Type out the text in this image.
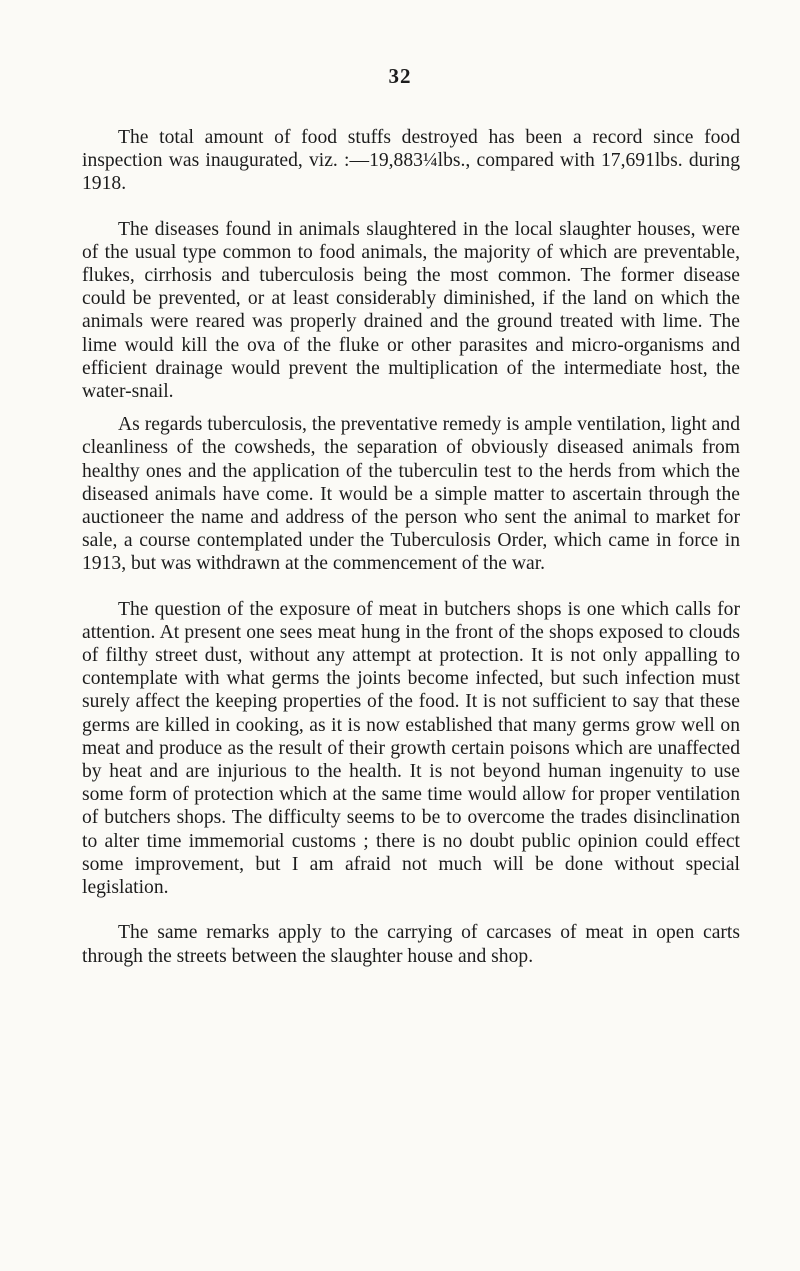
32

The total amount of food stuffs destroyed has been a record since food inspection was inaugurated, viz. :—19,883¼lbs., compared with 17,691lbs. during 1918.

The diseases found in animals slaughtered in the local slaughter houses, were of the usual type common to food animals, the majority of which are preventable, flukes, cirrhosis and tuberculosis being the most common. The former disease could be prevented, or at least considerably diminished, if the land on which the animals were reared was properly drained and the ground treated with lime. The lime would kill the ova of the fluke or other parasites and micro-organisms and efficient drainage would prevent the multiplication of the intermediate host, the water-snail.

As regards tuberculosis, the preventative remedy is ample ventilation, light and cleanliness of the cowsheds, the separation of obviously diseased animals from healthy ones and the application of the tuberculin test to the herds from which the diseased animals have come. It would be a simple matter to ascertain through the auctioneer the name and address of the person who sent the animal to market for sale, a course contemplated under the Tuberculosis Order, which came in force in 1913, but was withdrawn at the commencement of the war.

The question of the exposure of meat in butchers shops is one which calls for attention. At present one sees meat hung in the front of the shops exposed to clouds of filthy street dust, without any attempt at protection. It is not only appalling to contemplate with what germs the joints become infected, but such infection must surely affect the keeping properties of the food. It is not sufficient to say that these germs are killed in cooking, as it is now established that many germs grow well on meat and produce as the result of their growth certain poisons which are unaffected by heat and are injurious to the health. It is not beyond human ingenuity to use some form of protection which at the same time would allow for proper ventilation of butchers shops. The difficulty seems to be to overcome the trades disinclination to alter time immemorial customs ; there is no doubt public opinion could effect some improvement, but I am afraid not much will be done without special legislation.

The same remarks apply to the carrying of carcases of meat in open carts through the streets between the slaughter house and shop.
